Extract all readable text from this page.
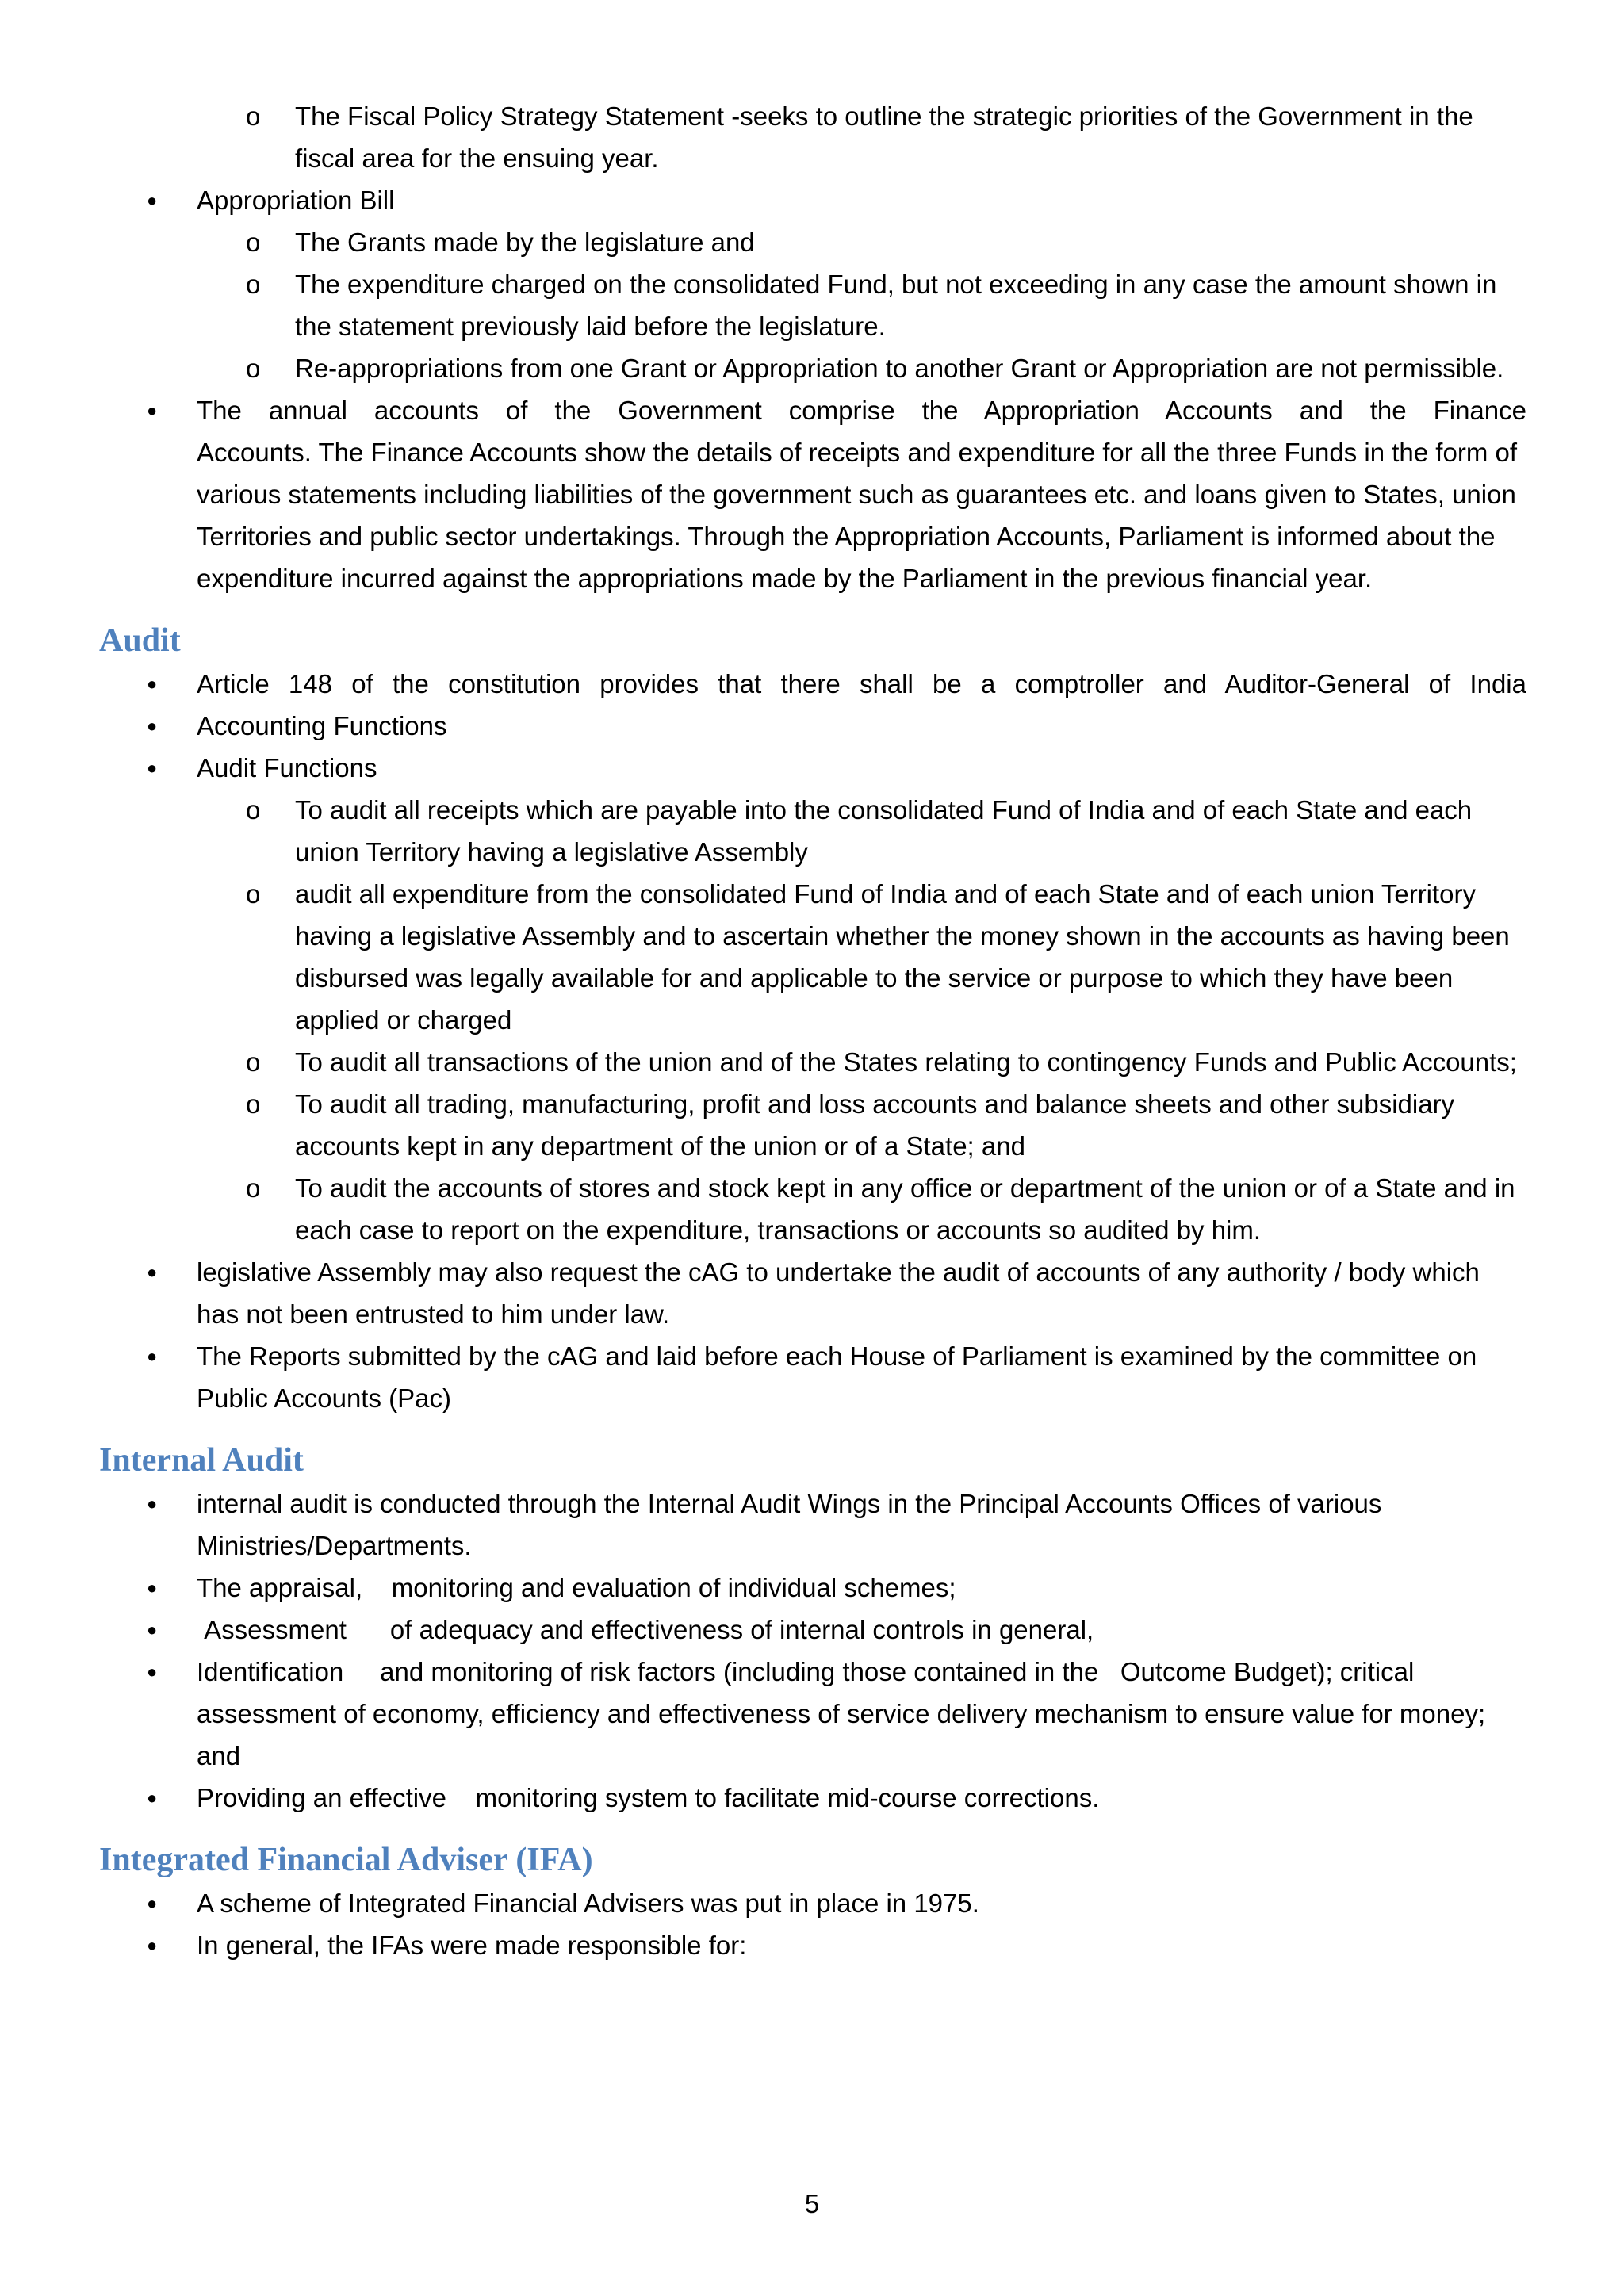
o The Fiscal Policy Strategy Statement -seeks to outline the strategic priorities of the Government in the fiscal area for the ensuing year.
● Appropriation Bill
o The Grants made by the legislature and
o The expenditure charged on the consolidated Fund, but not exceeding in any case the amount shown in the statement previously laid before the legislature.
o Re-appropriations from one Grant or Appropriation to another Grant or Appropriation are not permissible.
● The annual accounts of the Government comprise the Appropriation Accounts and the Finance
Accounts. The Finance Accounts show the details of receipts and expenditure for all the three Funds in the form of various statements including liabilities of the government such as guarantees etc. and loans given to States, union Territories and public sector undertakings. Through the Appropriation Accounts, Parliament is informed about the expenditure incurred against the appropriations made by the Parliament in the previous financial year.
Audit
● Article 148 of the constitution provides that there shall be a comptroller and Auditor-General of India
● Accounting Functions
● Audit Functions
o To audit all receipts which are payable into the consolidated Fund of India and of each State and each union Territory having a legislative Assembly
o audit all expenditure from the consolidated Fund of India and of each State and of each union Territory having a legislative Assembly and to ascertain whether the money shown in the accounts as having been disbursed was legally available for and applicable to the service or purpose to which they have been applied or charged
o To audit all transactions of the union and of the States relating to contingency Funds and Public Accounts;
o To audit all trading, manufacturing, profit and loss accounts and balance sheets and other subsidiary accounts kept in any department of the union or of a State; and
o To audit the accounts of stores and stock kept in any office or department of the union or of a State and in each case to report on the expenditure, transactions or accounts so audited by him.
● legislative Assembly may also request the cAG to undertake the audit of accounts of any authority / body which has not been entrusted to him under law.
● The Reports submitted by the cAG and laid before each House of Parliament is examined by the committee on Public Accounts (Pac)
Internal Audit
● internal audit is conducted through the Internal Audit Wings in the Principal Accounts Offices of various Ministries/Departments.
● The appraisal,    monitoring and evaluation of individual schemes;
●  Assessment      of adequacy and effectiveness of internal controls in general,
● Identification     and monitoring of risk factors (including those contained in the   Outcome Budget); critical assessment of economy, efficiency and effectiveness of service delivery mechanism to ensure value for money; and
● Providing an effective    monitoring system to facilitate mid-course corrections.
Integrated Financial Adviser (IFA)
● A scheme of Integrated Financial Advisers was put in place in 1975.
● In general, the IFAs were made responsible for:
5
